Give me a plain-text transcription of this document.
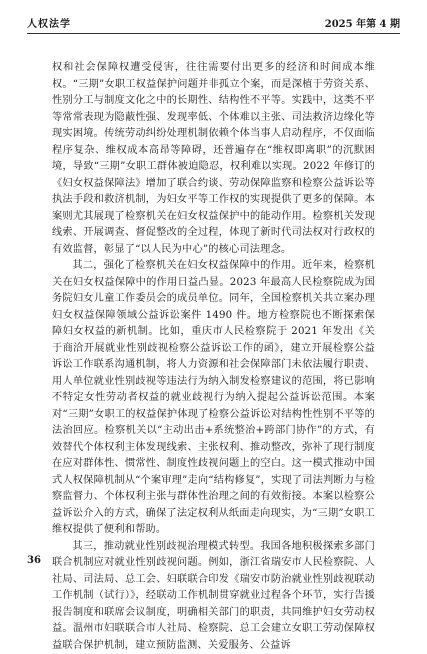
人权法学	2025 年第 4 期

权和社会保障权遭受侵害，往往需要付出更多的经济和时间成本维权。“三期”女职工权益保护问题并非孤立个案，而是深植于劳资关系、性别分工与制度文化之中的长期性、结构性不平等。实践中，这类不平等常常表现为隐蔽性强、发现率低、个体难以主张、司法救济边缘化等现实困境。传统劳动纠纷处理机制依赖个体当事人启动程序，不仅面临程序复杂、维权成本高昂等障碍，还普遍存在“维权即离职”的沉默困境，导致“三期”女职工群体被迫隐忍，权利难以实现。2022 年修订的《妇女权益保障法》增加了联合约谈、劳动保障监察和检察公益诉讼等执法手段和救济机制，为妇女平等工作权的实现提供了更多的保障。本案则尤其展现了检察机关在妇女权益保护中的能动作用。检察机关发现线索、开展调查、督促整改的全过程，体现了新时代司法权对行政权的有效监督，彰显了“以人民为中心”的核心司法理念。

其二，强化了检察机关在妇女权益保障中的作用。近年来，检察机关在妇女权益保障中的作用日益凸显。2023 年最高人民检察院成为国务院妇女儿童工作委员会的成员单位。同年，全国检察机关共立案办理妇女权益保障领域公益诉讼案件 1490 件。地方检察院也不断探索保障妇女权益的新机制。比如，重庆市人民检察院于 2021 年发出《关于商洽开展就业性别歧视检察公益诉讼工作的函》，建立开展检察公益诉讼工作联系沟通机制，将人力资源和社会保障部门未依法履行职责、用人单位就业性别歧视等违法行为纳入制发检察建议的范围，将已影响不特定女性劳动者权益的就业歧视行为纳入提起公益诉讼范围。本案对“三期”女职工的权益保护体现了检察公益诉讼对结构性性别不平等的法治回应。检察机关以“主动出击+系统整治+跨部门协作”的方式，有效替代个体权利主体发现线索、主张权利、推动整改，弥补了现行制度在应对群体性、惯常性、制度性歧视问题上的空白。这一模式推动中国式人权保障机制从“个案审理”走向“结构修复”，实现了司法判断力与检察监督力、个体权利主张与群体性治理之间的有效衔接。本案以检察公益诉讼介入的方式，确保了法定权利从纸面走向现实，为“三期”女职工维权提供了便利和帮助。

其三，推动就业性别歧视治理模式转型。我国各地积极探索多部门联合机制应对就业性别歧视问题。例如，浙江省瑞安市人民检察院、人社局、司法局、总工会、妇联联合印发《瑞安市防治就业性别歧视联动工作机制（试行）》，经联动工作机制贯穿就业过程各个环节，实行告援报告制度和联席会议制度，明确相关部门的职责，共同维护妇女劳动权益。温州市妇联联合市人社局、检察院、总工会建立女职工劳动保障权益联合保护机制，建立预防监测、关爱服务、公益诉

36
